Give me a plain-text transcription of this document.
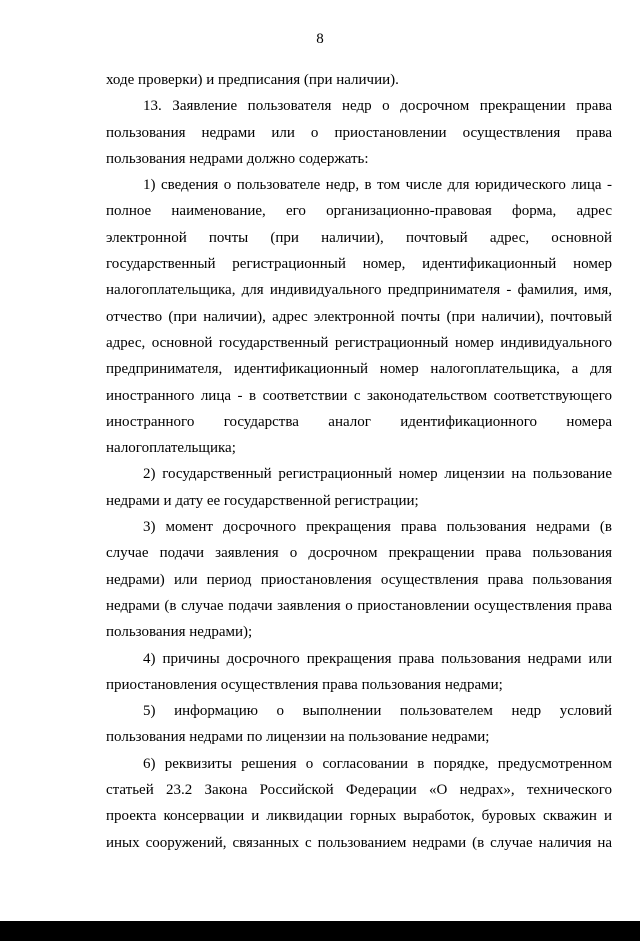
8
ходе проверки) и предписания (при наличии).
13. Заявление пользователя недр о досрочном прекращении права
пользования недрами или о приостановлении осуществления права
пользования недрами должно содержать:
1) сведения о пользователе недр, в том числе для юридического лица -
полное наименование, его организационно-правовая форма, адрес
электронной почты (при наличии), почтовый адрес, основной
государственный регистрационный номер, идентификационный номер
налогоплательщика, для индивидуального предпринимателя - фамилия, имя,
отчество (при наличии), адрес электронной почты (при наличии), почтовый
адрес, основной государственный регистрационный номер индивидуального
предпринимателя, идентификационный номер налогоплательщика, а для
иностранного лица - в соответствии с законодательством соответствующего
иностранного государства аналог идентификационного номера
налогоплательщика;
2) государственный регистрационный номер лицензии на пользование
недрами и дату ее государственной регистрации;
3) момент досрочного прекращения права пользования недрами (в
случае подачи заявления о досрочном прекращении права пользования
недрами) или период приостановления осуществления права пользования
недрами (в случае подачи заявления о приостановлении осуществления права
пользования недрами);
4) причины досрочного прекращения права пользования недрами или
приостановления осуществления права пользования недрами;
5) информацию о выполнении пользователем недр условий
пользования недрами по лицензии на пользование недрами;
6) реквизиты решения о согласовании в порядке, предусмотренном
статьей 23.2 Закона Российской Федерации «О недрах», технического
проекта консервации и ликвидации горных выработок, буровых скважин и
иных сооружений, связанных с пользованием недрами (в случае наличия на
